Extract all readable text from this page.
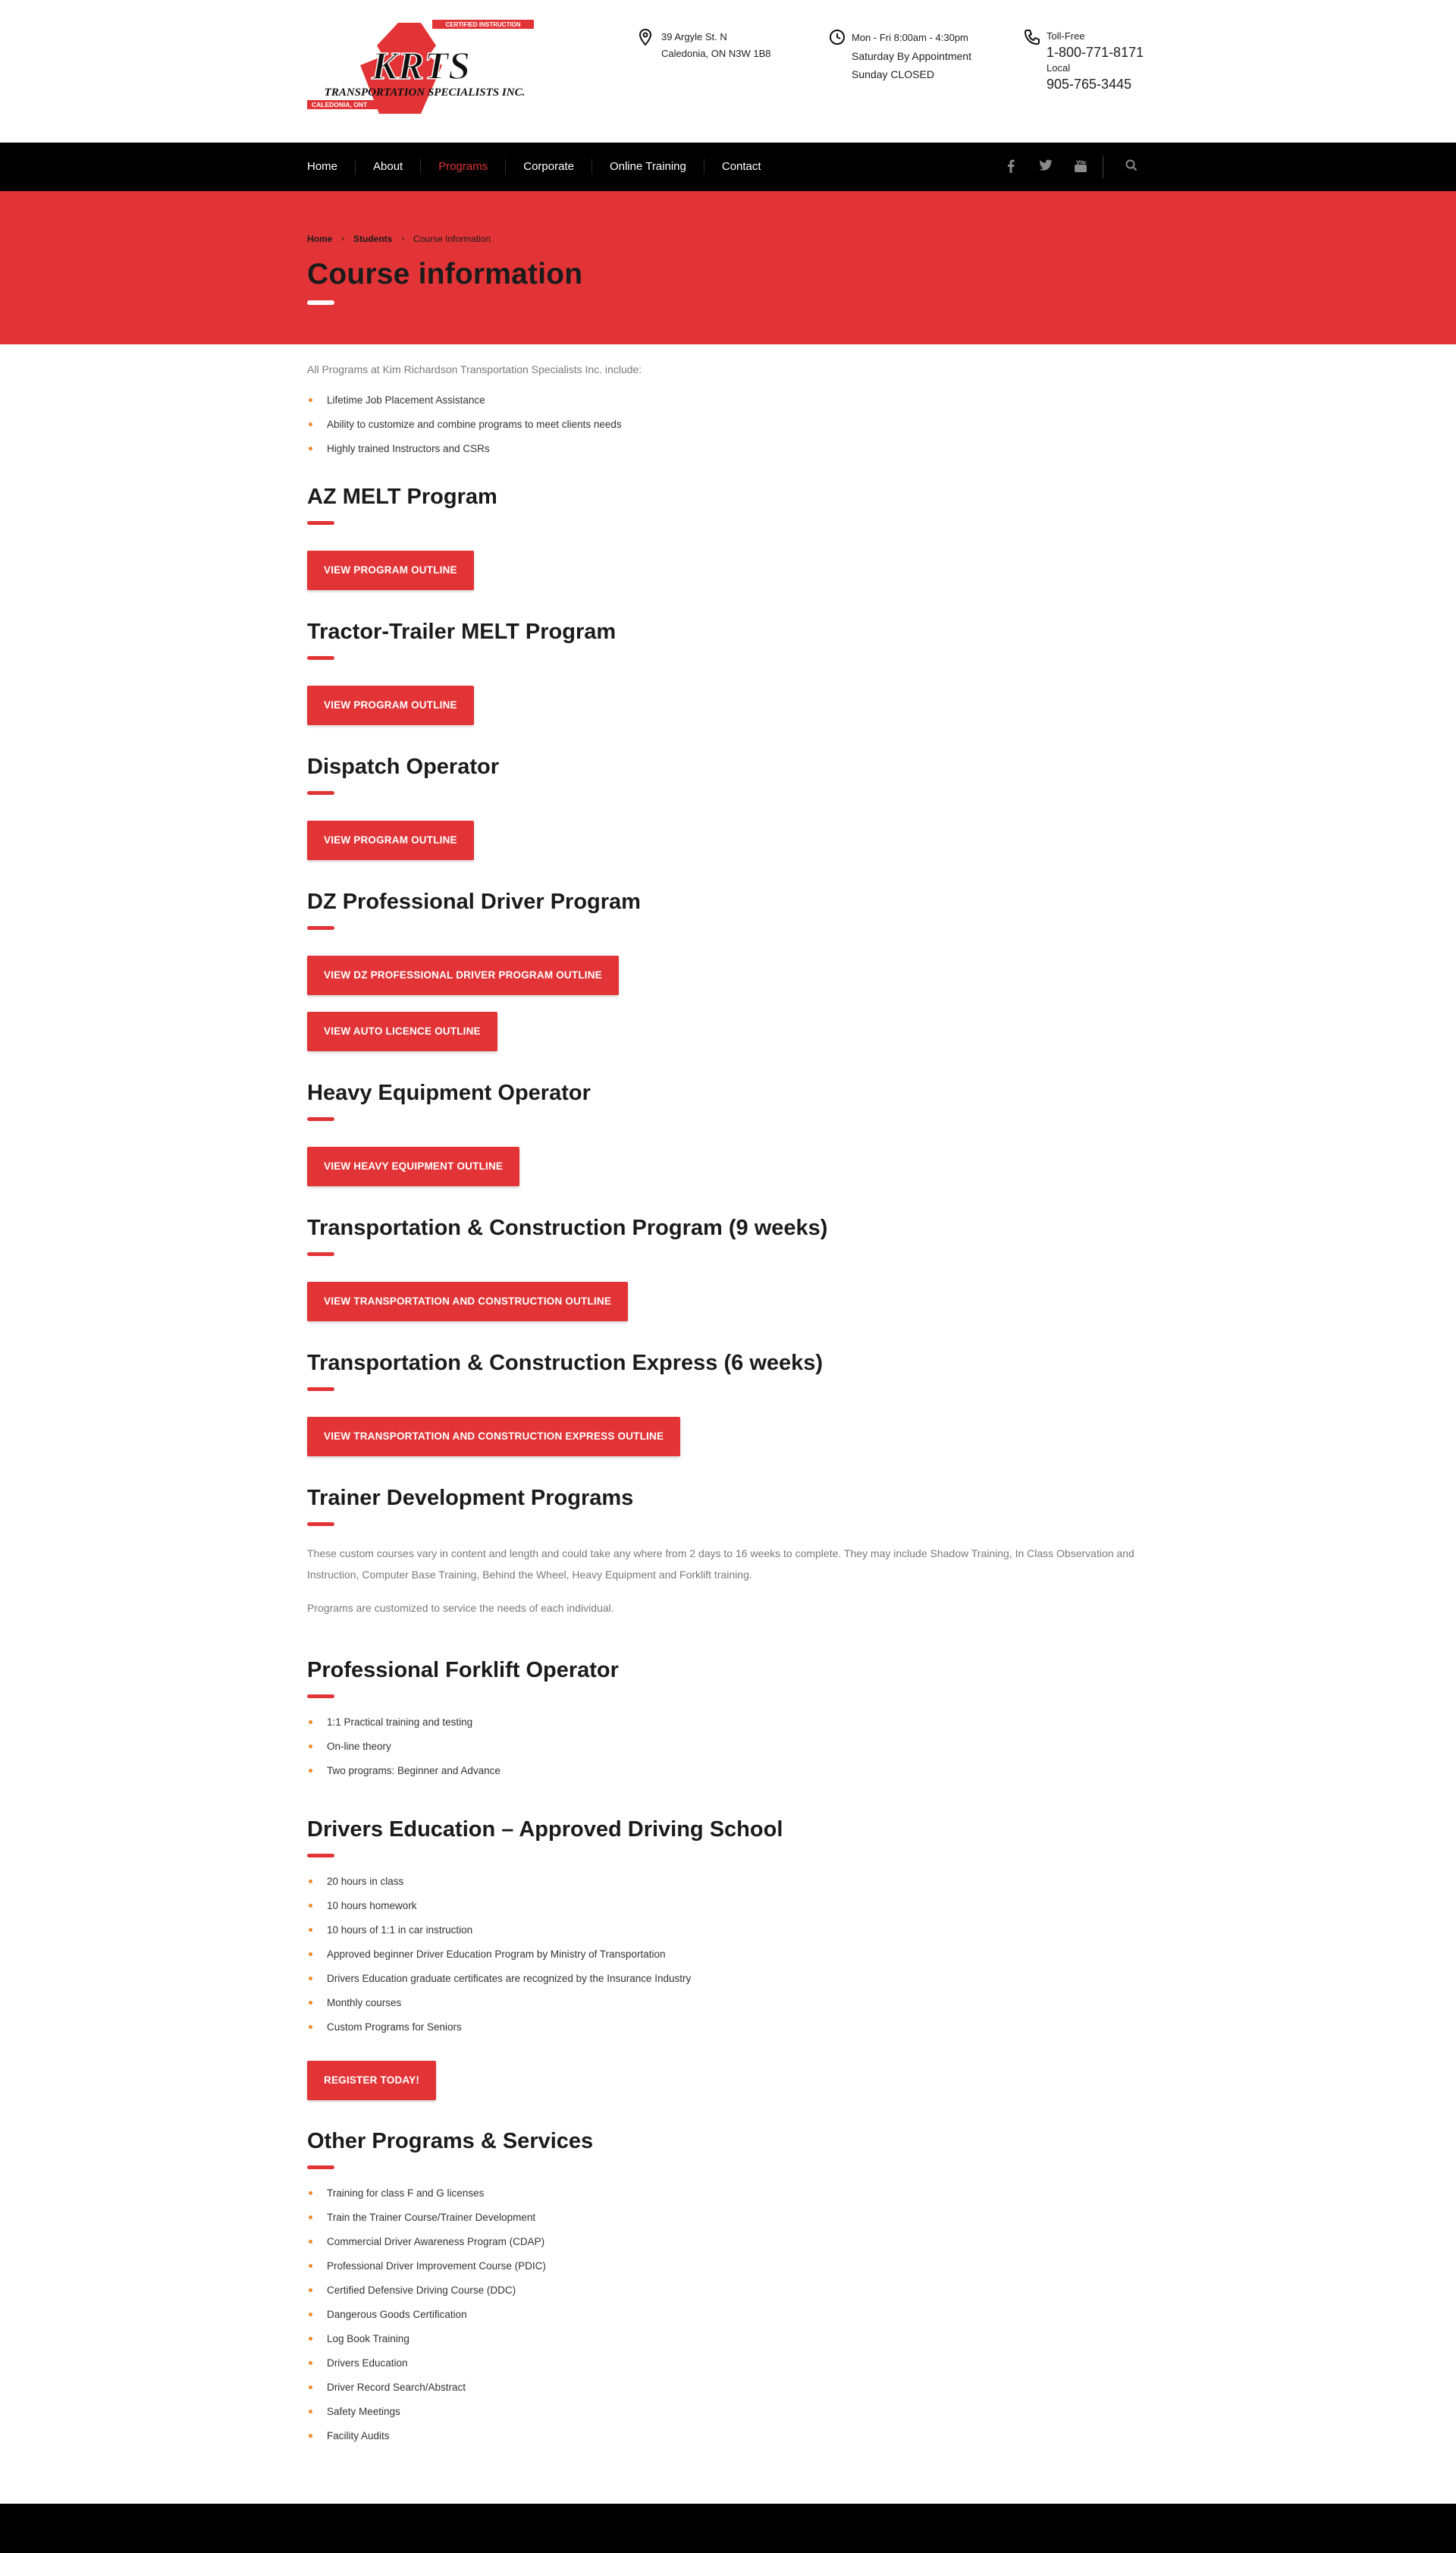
CERTIFIED INSTRUCTION
KRTS
TRANSPORTATION SPECIALISTS INC.
CALEDONIA, ONT
39 Argyle St. N
Caledonia, ON N3W 1B8
Mon - Fri 8:00am - 4:30pm
Saturday By Appointment
Sunday CLOSED
Toll-Free
1-800-771-8171
Local
905-765-3445
Home	About	Programs	Corporate	Online Training	Contact
Home › Students › Course Information
Course information

All Programs at Kim Richardson Transportation Specialists Inc. include:

Lifetime Job Placement Assistance
Ability to customize and combine programs to meet clients needs
Highly trained Instructors and CSRs
AZ MELT Program
VIEW PROGRAM OUTLINE
Tractor-Trailer MELT Program
VIEW PROGRAM OUTLINE
Dispatch Operator
VIEW PROGRAM OUTLINE
DZ Professional Driver Program
VIEW DZ PROFESSIONAL DRIVER PROGRAM OUTLINE
VIEW AUTO LICENCE OUTLINE
Heavy Equipment Operator
VIEW HEAVY EQUIPMENT OUTLINE
Transportation & Construction Program (9 weeks)
VIEW TRANSPORTATION AND CONSTRUCTION OUTLINE
Transportation & Construction Express (6 weeks)
VIEW TRANSPORTATION AND CONSTRUCTION EXPRESS OUTLINE
Trainer Development Programs

These custom courses vary in content and length and could take any where from 2 days to 16 weeks to complete. They may include Shadow Training, In Class Observation and Instruction, Computer Base Training, Behind the Wheel, Heavy Equipment and Forklift training.

Programs are customized to service the needs of each individual.

Professional Forklift Operator
1:1 Practical training and testing
On-line theory
Two programs: Beginner and Advance
Drivers Education – Approved Driving School
20 hours in class
10 hours homework
10 hours of 1:1 in car instruction
Approved beginner Driver Education Program by Ministry of Transportation
Drivers Education graduate certificates are recognized by the Insurance Industry
Monthly courses
Custom Programs for Seniors
REGISTER TODAY!
Other Programs & Services
Training for class F and G licenses
Train the Trainer Course/Trainer Development
Commercial Driver Awareness Program (CDAP)
Professional Driver Improvement Course (PDIC)
Certified Defensive Driving Course (DDC)
Dangerous Goods Certification
Log Book Training
Drivers Education
Driver Record Search/Abstract
Safety Meetings
Facility Audits
